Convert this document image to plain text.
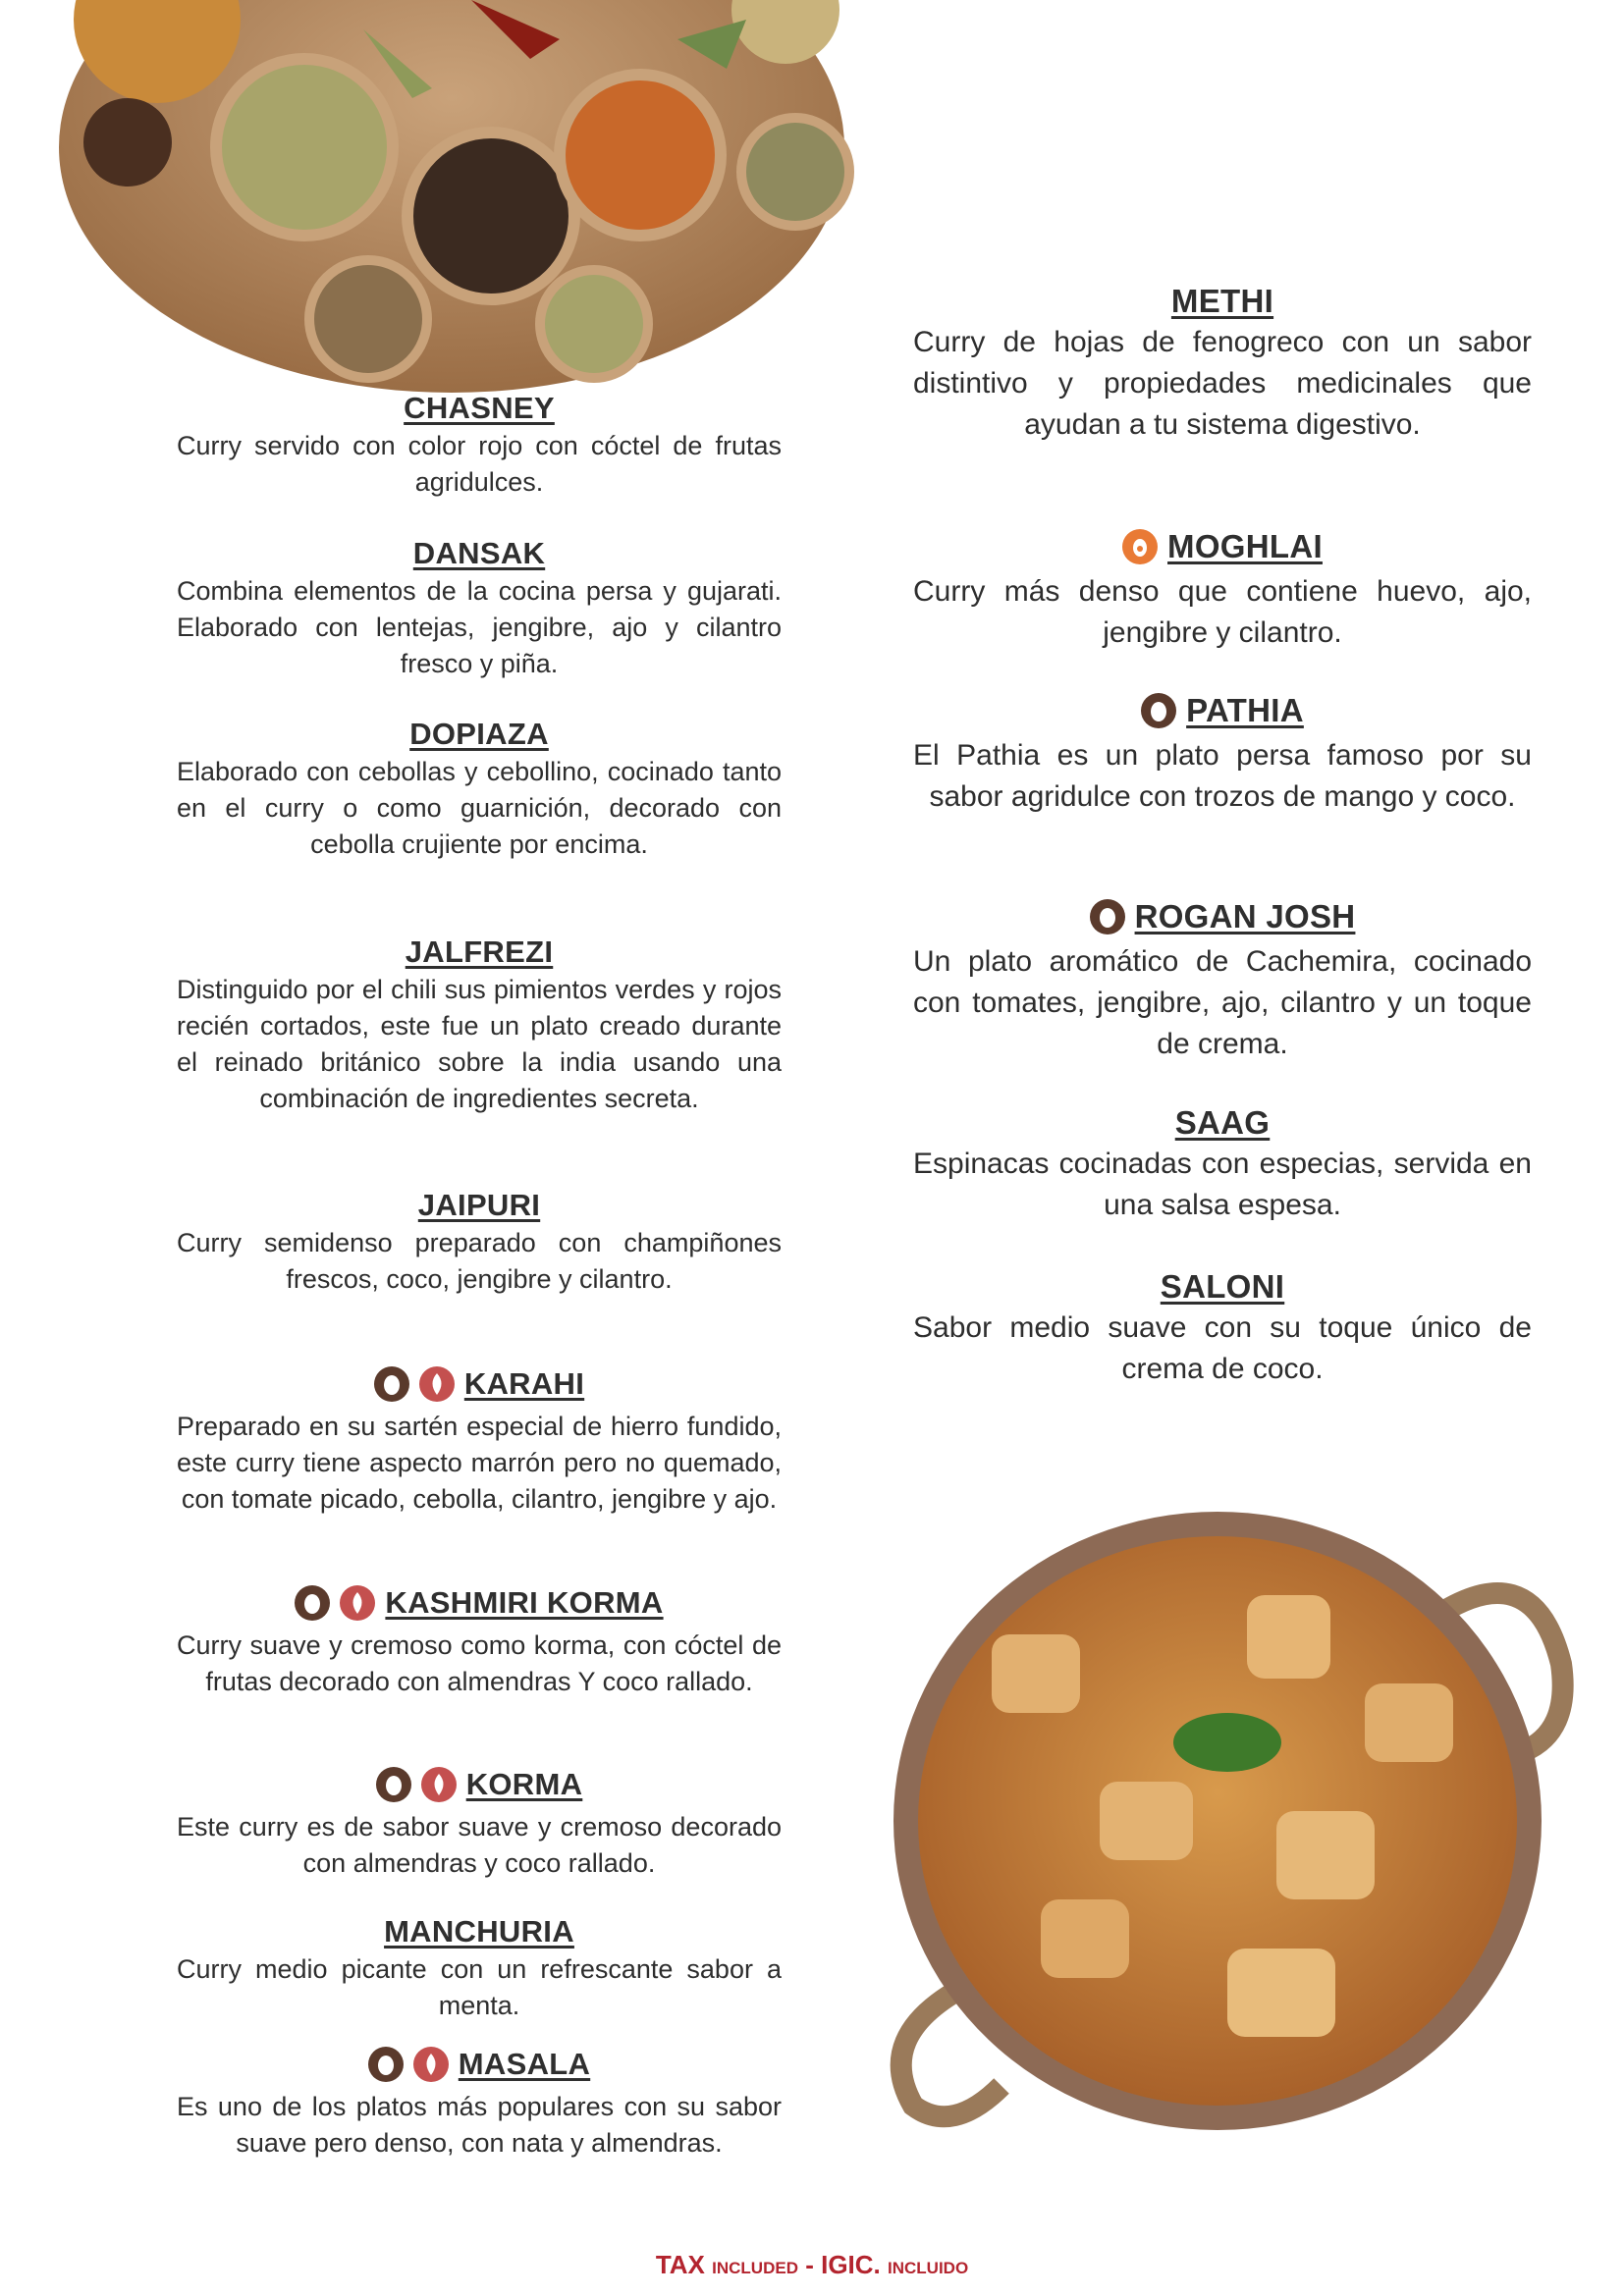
CHASNEY
Curry servido con color rojo con cóctel de frutas agridulces.
DANSAK
Combina elementos de la cocina persa y gujarati. Elaborado con lentejas, jengibre, ajo y cilantro fresco y piña.
DOPIAZA
Elaborado con cebollas y cebollino, cocinado tanto en el curry o como guarnición, decorado con cebolla crujiente por encima.
JALFREZI
Distinguido por el chili sus pimientos verdes y rojos recién cortados, este fue un plato creado durante el reinado británico sobre la india usando una combinación de ingredientes secreta.
JAIPURI
Curry semidenso preparado con champiñones frescos, coco, jengibre y cilantro.
KARAHI
Preparado en su sartén especial de hierro fundido, este curry tiene aspecto marrón pero no quemado, con tomate picado, cebolla, cilantro, jengibre y ajo.
KASHMIRI KORMA
Curry suave y cremoso como korma, con cóctel de frutas decorado con almendras Y coco rallado.
KORMA
Este curry es de sabor suave y cremoso decorado con almendras y coco rallado.
MANCHURIA
Curry medio picante con un refrescante sabor a menta.
MASALA
Es uno de los platos más populares con su sabor suave pero denso, con nata y almendras.
METHI
Curry de hojas de fenogreco con un sabor distintivo y propiedades medicinales que ayudan a tu sistema digestivo.
MOGHLAI
Curry más denso que contiene huevo, ajo, jengibre y cilantro.
PATHIA
El Pathia es un plato persa famoso por su sabor agridulce con trozos de mango y coco.
ROGAN JOSH
Un plato aromático de Cachemira, cocinado con tomates, jengibre, ajo, cilantro y un toque de crema.
SAAG
Espinacas cocinadas con especias, servida en una salsa espesa.
SALONI
Sabor medio suave con su toque único de crema de coco.
TAX INCLUDED - IGIC. INCLUIDO
